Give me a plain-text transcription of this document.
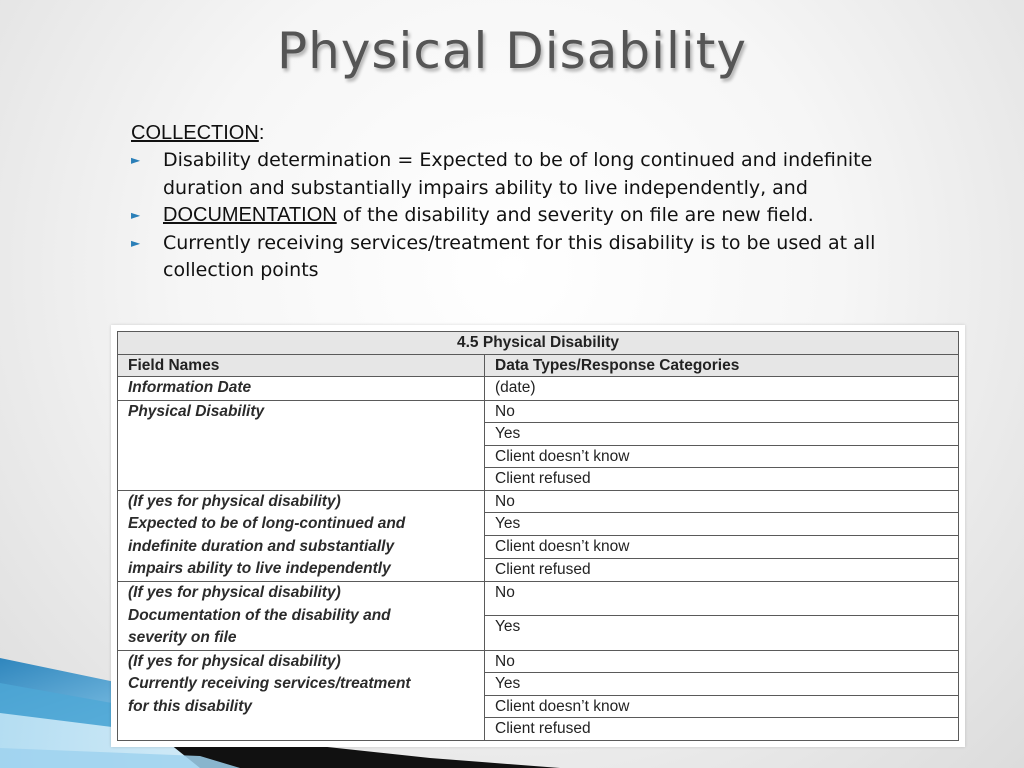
Physical Disability
COLLECTION:
► Disability determination = Expected to be of long continued and indefinite duration and substantially impairs ability to live independently, and
► DOCUMENTATION of the disability and severity on file are new field.
► Currently receiving services/treatment for this disability is to be used at all collection points
4.5 Physical Disability	
Field Names	Data Types/Response Categories

Information Date	(date)

Physical Disability	No
	Yes
	Client doesn’t know
	Client refused

(If yes for physical disability)
Expected to be of long-continued and
indefinite duration and substantially
impairs ability to live independently	No
	Yes
	Client doesn’t know
	Client refused

(If yes for physical disability)
Documentation of the disability and
severity on file	No
	Yes

(If yes for physical disability)
Currently receiving services/treatment
for this disability	No
	Yes
	Client doesn’t know
	Client refused
